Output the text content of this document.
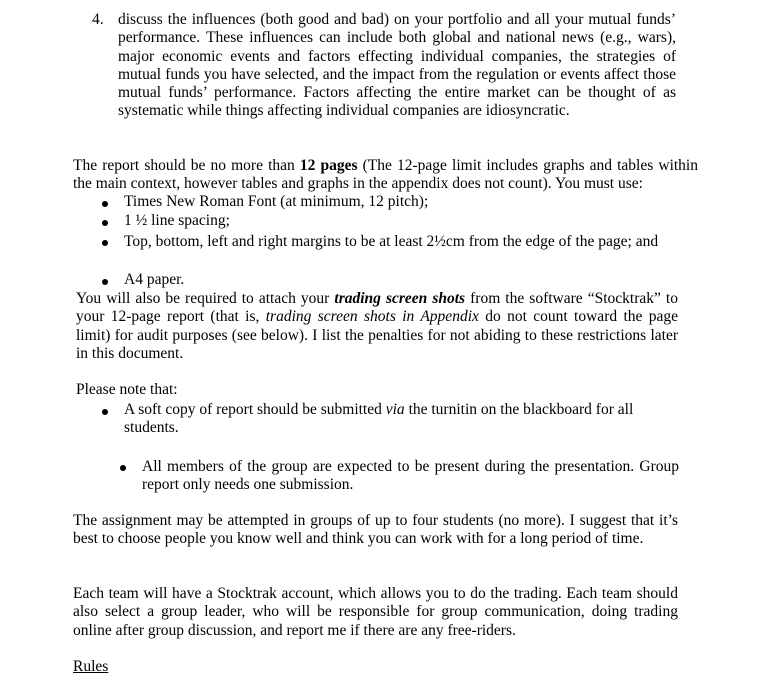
4. discuss the influences (both good and bad) on your portfolio and all your mutual funds’ performance. These influences can include both global and national news (e.g., wars), major economic events and factors effecting individual companies, the strategies of mutual funds you have selected, and the impact from the regulation or events affect those mutual funds’ performance. Factors affecting the entire market can be thought of as systematic while things affecting individual companies are idiosyncratic.

The report should be no more than 12 pages (The 12-page limit includes graphs and tables within the main context, however tables and graphs in the appendix does not count). You must use:

Times New Roman Font (at minimum, 12 pitch);
1 ½ line spacing;

Top, bottom, left and right margins to be at least 2½cm from the edge of the page; and

A4 paper.

You will also be required to attach your trading screen shots from the software “Stocktrak” to your 12-page report (that is, trading screen shots in Appendix do not count toward the page limit) for audit purposes (see below). I list the penalties for not abiding to these restrictions later in this document.

Please note that:

A soft copy of report should be submitted via the turnitin on the blackboard for all students.

All members of the group are expected to be present during the presentation. Group report only needs one submission.

The assignment may be attempted in groups of up to four students (no more). I suggest that it’s best to choose people you know well and think you can work with for a long period of time.

Each team will have a Stocktrak account, which allows you to do the trading. Each team should also select a group leader, who will be responsible for group communication, doing trading online after group discussion, and report me if there are any free-riders.

Rules
